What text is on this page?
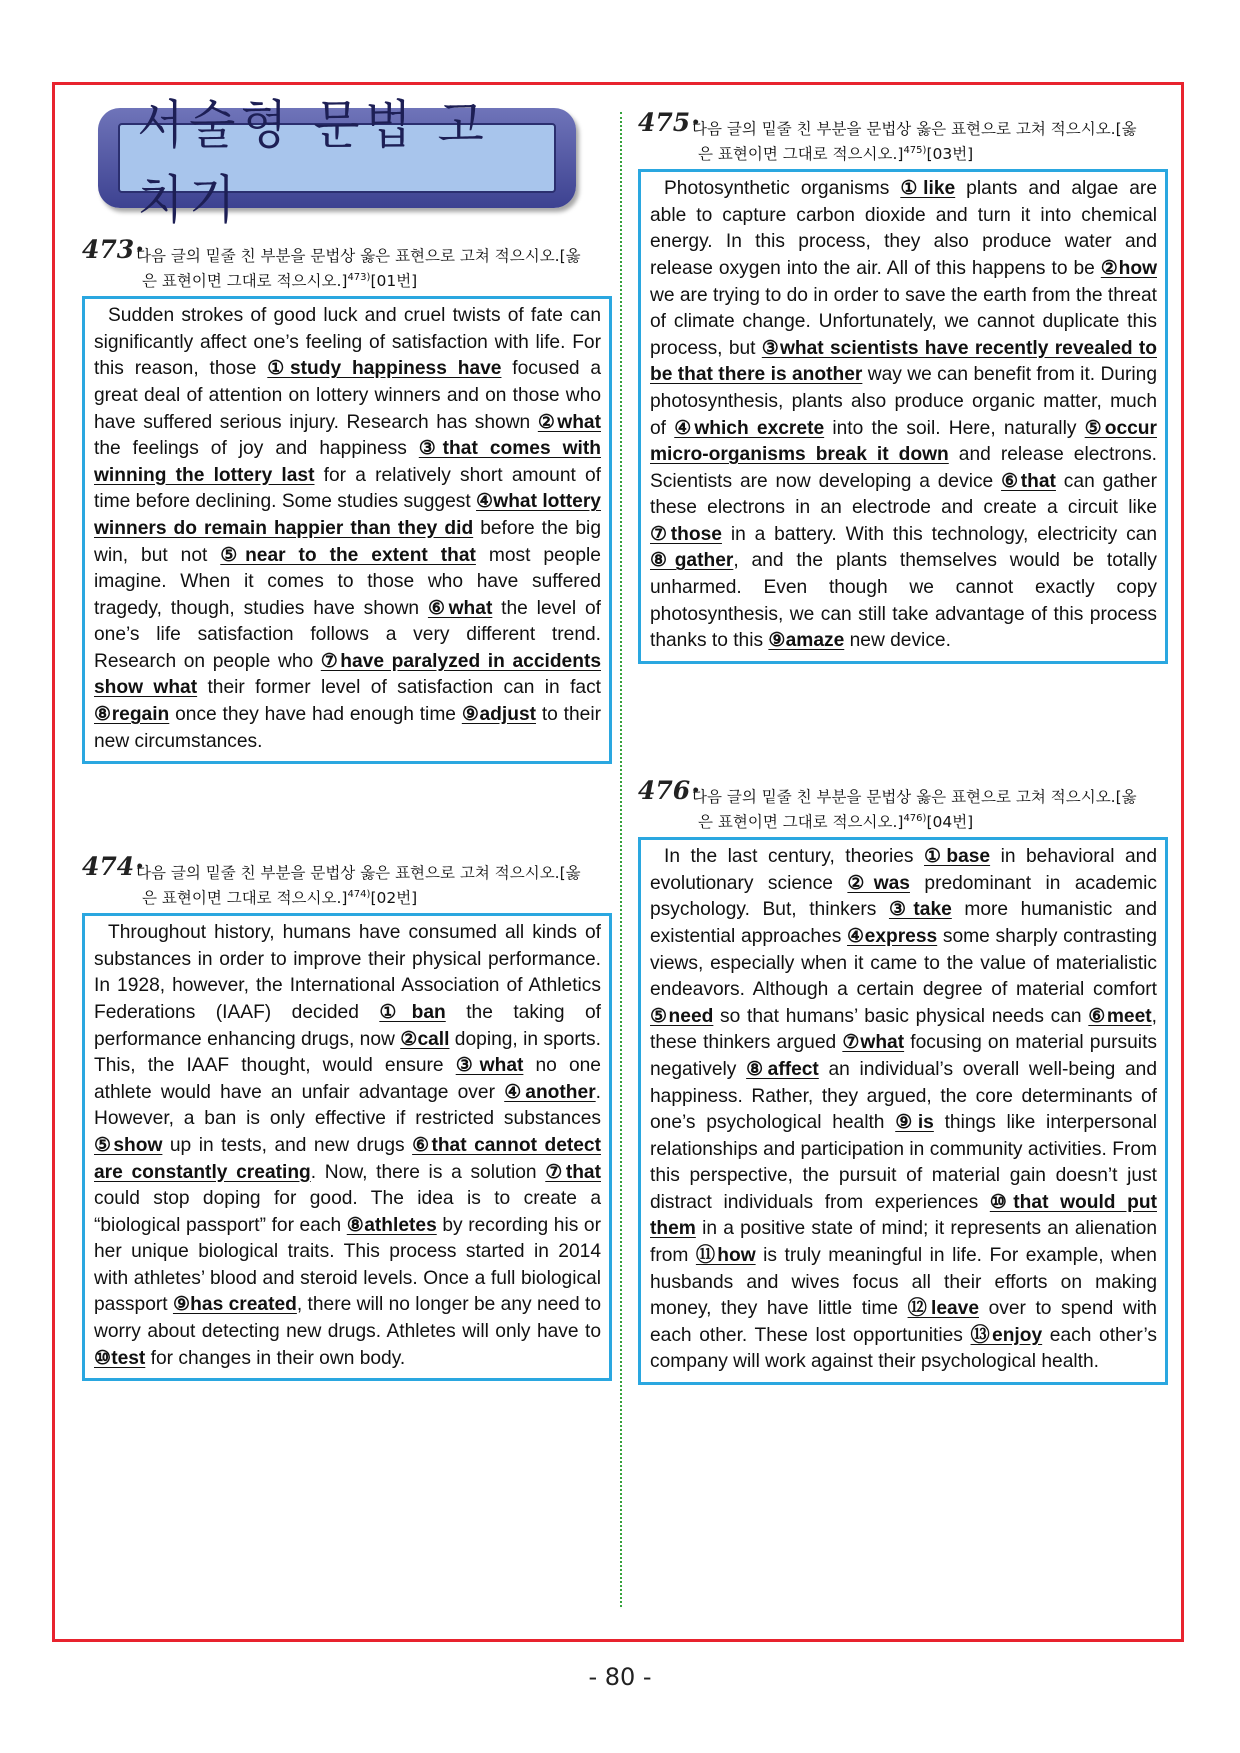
서술형 문법 고치기
473 • 다음 글의 밑줄 친 부분을 문법상 옳은 표현으로 고쳐 적으시오.[옳
은 표현이면 그대로 적으시오.]$^{473)}$[01번]
Sudden strokes of good luck and cruel twists of fate can significantly affect one’s feeling of satisfaction with life. For this reason, those ①study happiness have focused a great deal of attention on lottery winners and on those who have suffered serious injury. Research has shown ②what the feelings of joy and happiness ③that comes with winning the lottery last for a relatively short amount of time before declining. Some studies suggest ④what lottery winners do remain happier than they did before the big win, but not ⑤near to the extent that most people imagine. When it comes to those who have suffered tragedy, though, studies have shown ⑥what the level of one’s life satisfaction follows a very different trend. Research on people who ⑦have paralyzed in accidents show what their former level of satisfaction can in fact ⑧regain once they have had enough time ⑨adjust to their new circumstances.
474 • 다음 글의 밑줄 친 부분을 문법상 옳은 표현으로 고쳐 적으시오.[옳
은 표현이면 그대로 적으시오.]$^{474)}$[02번]
Throughout history, humans have consumed all kinds of substances in order to improve their physical performance. In 1928, however, the International Association of Athletics Federations (IAAF) decided ①ban the taking of performance enhancing drugs, now ②call doping, in sports. This, the IAAF thought, would ensure ③what no one athlete would have an unfair advantage over ④another. However, a ban is only effective if restricted substances ⑤show up in tests, and new drugs ⑥that cannot detect are constantly creating. Now, there is a solution ⑦that could stop doping for good. The idea is to create a “biological passport” for each ⑧athletes by recording his or her unique biological traits. This process started in 2014 with athletes’ blood and steroid levels. Once a full biological passport ⑨has created, there will no longer be any need to worry about detecting new drugs. Athletes will only have to ⑩test for changes in their own body.
475 • 다음 글의 밑줄 친 부분을 문법상 옳은 표현으로 고쳐 적으시오.[옳
은 표현이면 그대로 적으시오.]$^{475)}$[03번]
Photosynthetic organisms ①like plants and algae are able to capture carbon dioxide and turn it into chemical energy. In this process, they also produce water and release oxygen into the air. All of this happens to be ②how we are trying to do in order to save the earth from the threat of climate change. Unfortunately, we cannot duplicate this process, but ③what scientists have recently revealed to be that there is another way we can benefit from it. During photosynthesis, plants also produce organic matter, much of ④which excrete into the soil. Here, naturally ⑤occur micro-organisms break it down and release electrons. Scientists are now developing a device ⑥that can gather these electrons in an electrode and create a circuit like ⑦those in a battery. With this technology, electricity can ⑧gather, and the plants themselves would be totally unharmed. Even though we cannot exactly copy photosynthesis, we can still take advantage of this process thanks to this ⑨amaze new device.
476 • 다음 글의 밑줄 친 부분을 문법상 옳은 표현으로 고쳐 적으시오.[옳
은 표현이면 그대로 적으시오.]$^{476)}$[04번]
In the last century, theories ①base in behavioral and evolutionary science ②was predominant in academic psychology. But, thinkers ③take more humanistic and existential approaches ④express some sharply contrasting views, especially when it came to the value of materialistic endeavors. Although a certain degree of material comfort ⑤need so that humans’ basic physical needs can ⑥meet, these thinkers argued ⑦what focusing on material pursuits negatively ⑧affect an individual’s overall well-being and happiness. Rather, they argued, the core determinants of one’s psychological health ⑨is things like interpersonal relationships and participation in community activities. From this perspective, the pursuit of material gain doesn’t just distract individuals from experiences ⑩that would put them in a positive state of mind; it represents an alienation from ⑪how is truly meaningful in life. For example, when husbands and wives focus all their efforts on making money, they have little time ⑫leave over to spend with each other. These lost opportunities ⑬enjoy each other’s company will work against their psychological health.
- 80 -
